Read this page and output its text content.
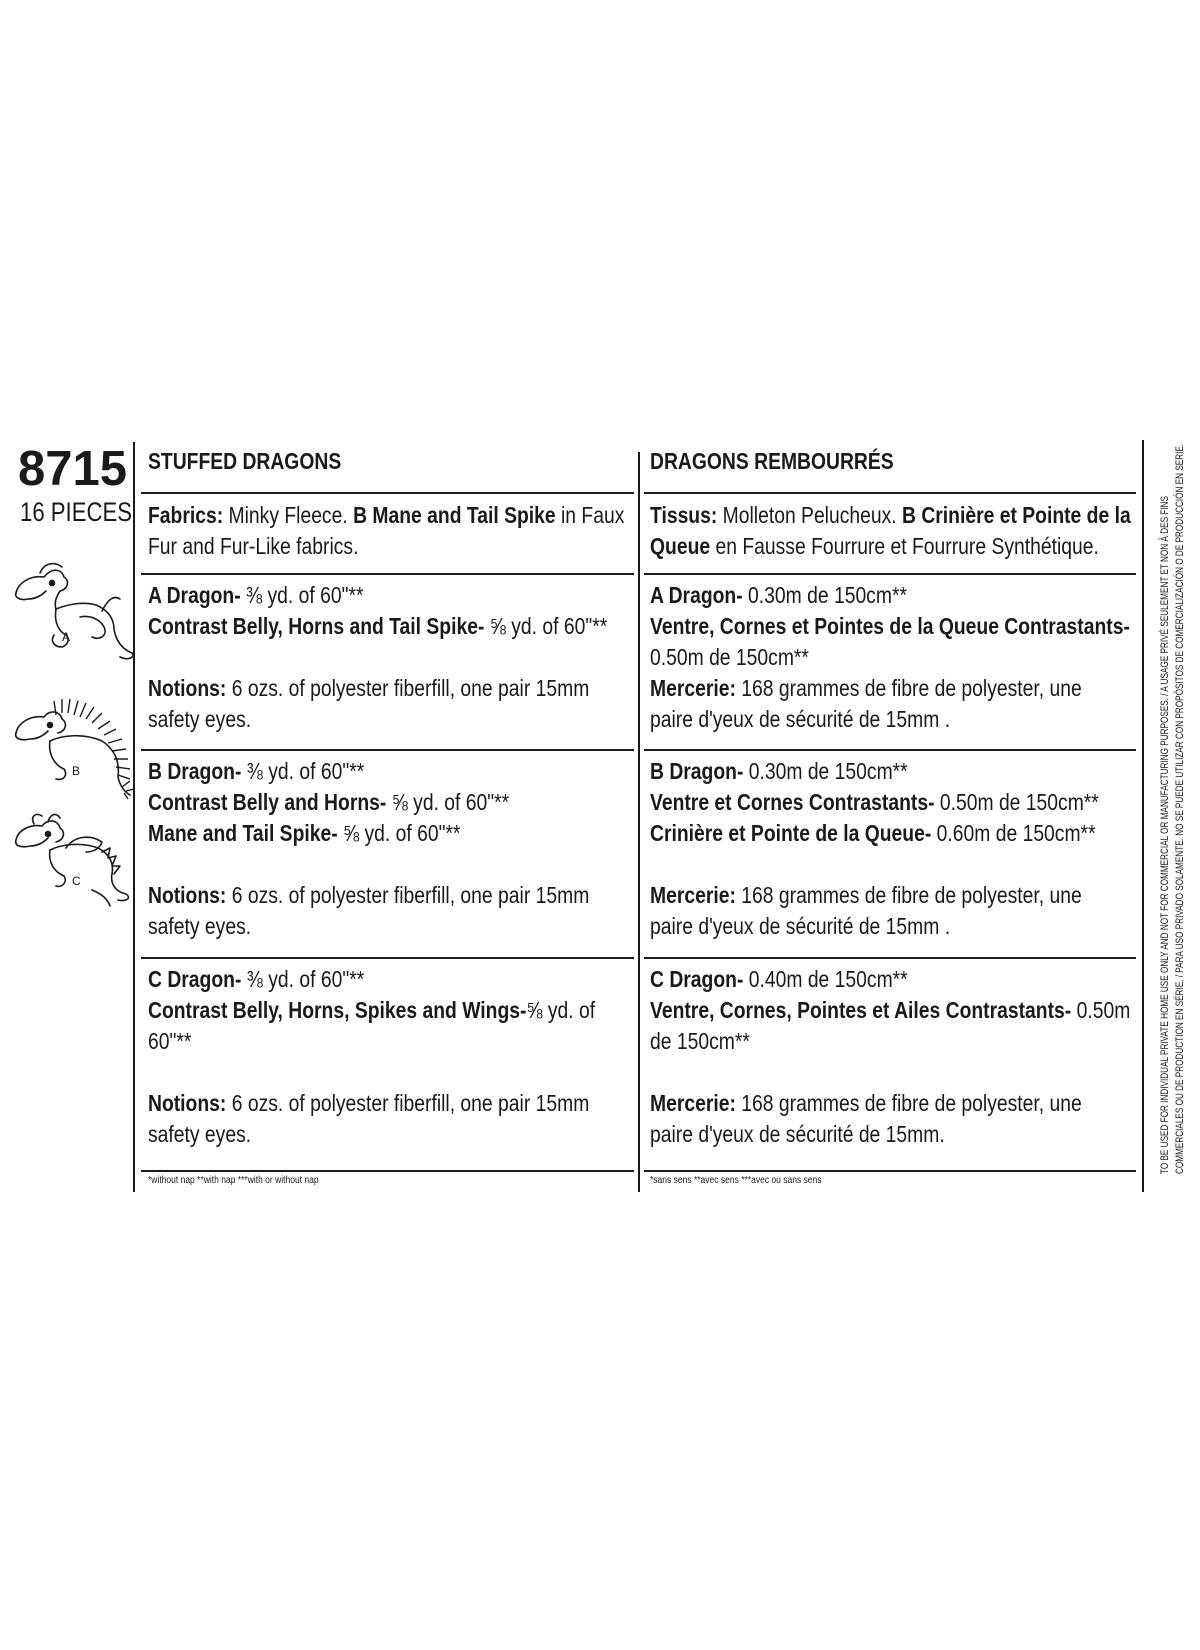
8715
16 PIECES
A
B
C
STUFFED DRAGONS
Fabrics: Minky Fleece. B Mane and Tail Spike in Faux
Fur and Fur-Like fabrics.
A Dragon- ⅜ yd. of 60"**
Contrast Belly, Horns and Tail Spike- ⅝ yd. of 60"**
Notions: 6 ozs. of polyester fiberfill, one pair 15mm
safety eyes.
B Dragon- ⅜ yd. of 60"**
Contrast Belly and Horns- ⅝ yd. of 60"**
Mane and Tail Spike- ⅝ yd. of 60"**
Notions: 6 ozs. of polyester fiberfill, one pair 15mm
safety eyes.
C Dragon- ⅜ yd. of 60"**
Contrast Belly, Horns, Spikes and Wings-⅝ yd. of
60"**
Notions: 6 ozs. of polyester fiberfill, one pair 15mm
safety eyes.
*without nap **with nap ***with or without nap
DRAGONS REMBOURRÉS
Tissus: Molleton Pelucheux. B Crinière et Pointe de la
Queue en Fausse Fourrure et Fourrure Synthétique.
A Dragon- 0.30m de 150cm**
Ventre, Cornes et Pointes de la Queue Contrastants-
0.50m de 150cm**
Mercerie: 168 grammes de fibre de polyester, une
paire d'yeux de sécurité de 15mm .
B Dragon- 0.30m de 150cm**
Ventre et Cornes Contrastants- 0.50m de 150cm**
Crinière et Pointe de la Queue- 0.60m de 150cm**
Mercerie: 168 grammes de fibre de polyester, une
paire d'yeux de sécurité de 15mm .
C Dragon- 0.40m de 150cm**
Ventre, Cornes, Pointes et Ailes Contrastants- 0.50m
de 150cm**
Mercerie: 168 grammes de fibre de polyester, une
paire d'yeux de sécurité de 15mm.
*sans sens **avec sens ***avec ou sans sens
TO BE USED FOR INDIVIDUAL PRIVATE HOME USE ONLY AND NOT FOR COMMERCIAL OR MANUFACTURING PURPOSES. / A USAGE PRIVÉ SEULEMENT ET NON À DES FINS COMMERCIALES OU DE PRODUCTION EN SÉRIE. / PARA USO PRIVADO SOLAMENTE. NO SE PUEDE UTILIZAR CON PROPÓSITOS DE COMERCIALIZACIÓN O DE PRODUCCIÓN EN SERIE.
